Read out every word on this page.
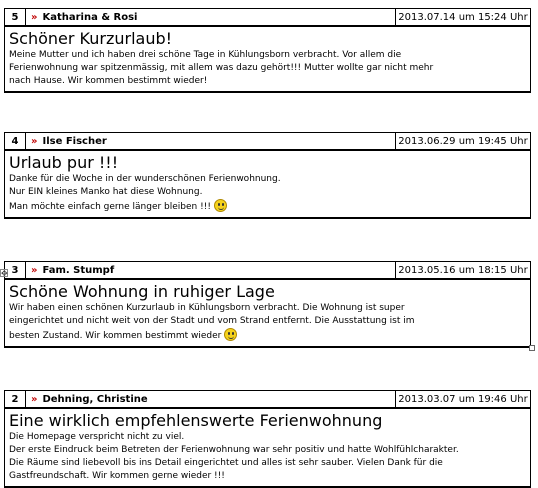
5	» Katharina & Rosi	2013.07.14 um 15:24 Uhr
Schöner Kurzurlaub!
Meine Mutter und ich haben drei schöne Tage in Kühlungsborn verbracht. Vor allem die
Ferienwohnung war spitzenmässig, mit allem was dazu gehört!!! Mutter wollte gar nicht mehr
nach Hause. Wir kommen bestimmt wieder!
4	» Ilse Fischer	2013.06.29 um 19:45 Uhr
Urlaub pur !!!
Danke für die Woche in der wunderschönen Ferienwohnung.
Nur EIN kleines Manko hat diese Wohnung.
Man möchte einfach gerne länger bleiben !!!
3	» Fam. Stumpf	2013.05.16 um 18:15 Uhr
Schöne Wohnung in ruhiger Lage
Wir haben einen schönen Kurzurlaub in Kühlungsborn verbracht. Die Wohnung ist super
eingerichtet und nicht weit von der Stadt und vom Strand entfernt. Die Ausstattung ist im
besten Zustand. Wir kommen bestimmt wieder
✥
2	» Dehning, Christine	2013.03.07 um 19:46 Uhr
Eine wirklich empfehlenswerte Ferienwohnung
Die Homepage verspricht nicht zu viel.
Der erste Eindruck beim Betreten der Ferienwohnung war sehr positiv und hatte Wohlfühlcharakter.
Die Räume sind liebevoll bis ins Detail eingerichtet und alles ist sehr sauber. Vielen Dank für die
Gastfreundschaft. Wir kommen gerne wieder !!!
